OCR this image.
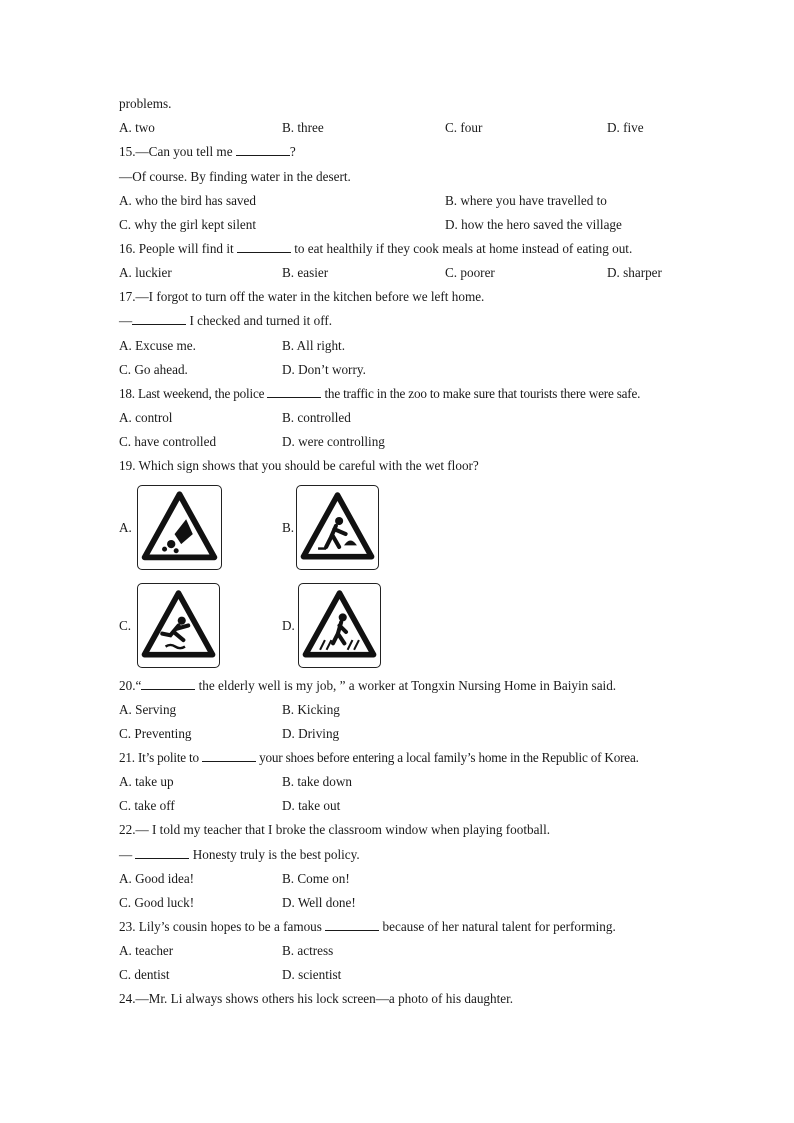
problems.
A. two	B. three	C. four	D. five
15.—Can you tell me	?
—Of course. By finding water in the desert.
A. who the bird has saved	B. where you have travelled to
C. why the girl kept silent	D. how the hero saved the village
16. People will find it	to eat healthily if they cook meals at home instead of eating out.
A. luckier	B. easier	C. poorer	D. sharper
17.—I forgot to turn off the water in the kitchen before we left home.
—	I checked and turned it off.
A. Excuse me.	B. All right.
C. Go ahead.	D. Don’t worry.
18. Last weekend, the police	the traffic in the zoo to make sure that tourists there were safe.
A. control	B. controlled
C. have controlled	D. were controlling
19. Which sign shows that you should be careful with the wet floor?
A.	B.
C.	D.
20.“	the elderly well is my job, ” a worker at Tongxin Nursing Home in Baiyin said.
A. Serving	B. Kicking
C. Preventing	D. Driving
21. It’s polite to	your shoes before entering a local family’s home in the Republic of Korea.
A. take up	B. take down
C. take off	D. take out
22.— I told my teacher that I broke the classroom window when playing football.
—	Honesty truly is the best policy.
A. Good idea!	B. Come on!
C. Good luck!	D. Well done!
23. Lily’s cousin hopes to be a famous	because of her natural talent for performing.
A. teacher	B. actress
C. dentist	D. scientist
24.—Mr. Li always shows others his lock screen—a photo of his daughter.
